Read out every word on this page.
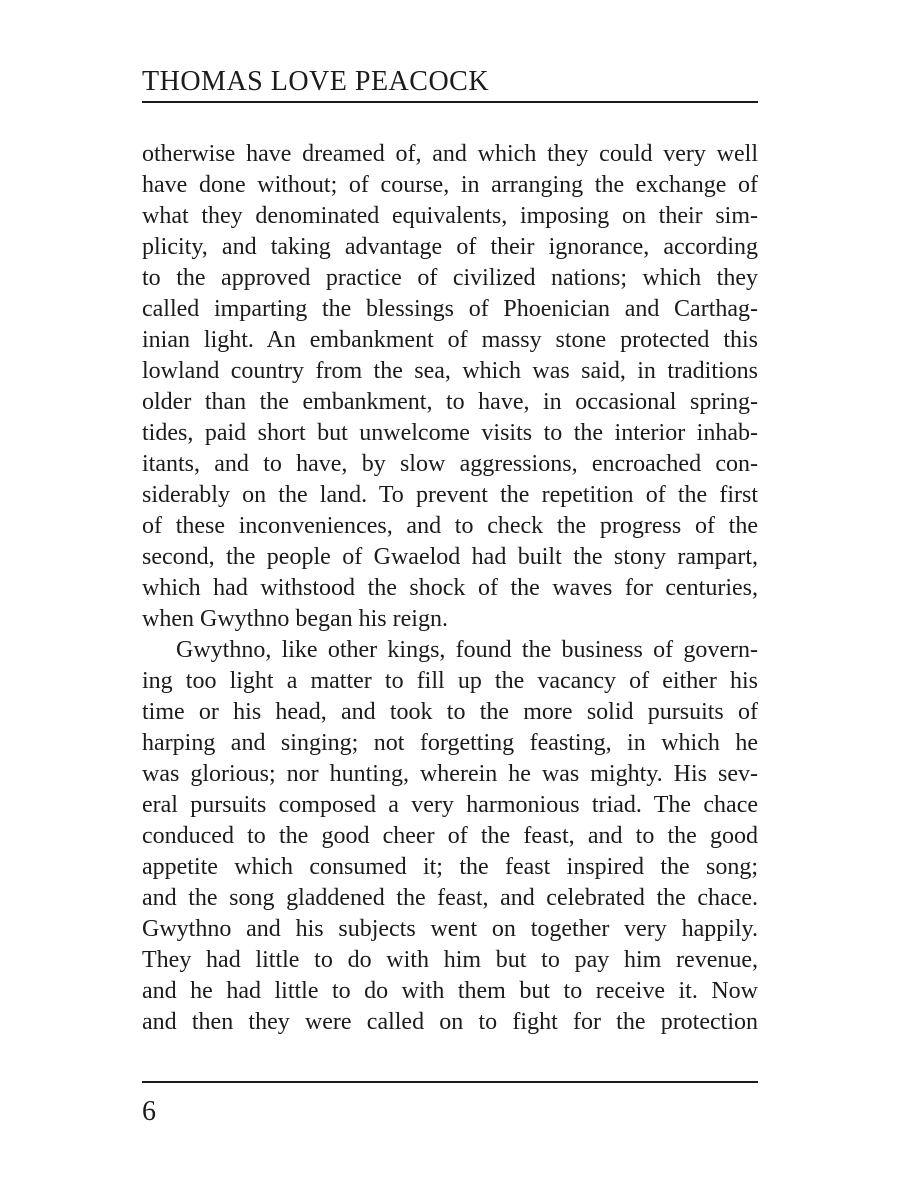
THOMAS LOVE PEACOCK
otherwise have dreamed of, and which they could very well
have done without; of course, in arranging the exchange of
what they denominated equivalents, imposing on their sim-
plicity, and taking advantage of their ignorance, according
to the approved practice of civilized nations; which they
called imparting the blessings of Phoenician and Carthag-
inian light. An embankment of massy stone protected this
lowland country from the sea, which was said, in traditions
older than the embankment, to have, in occasional spring-
tides, paid short but unwelcome visits to the interior inhab-
itants, and to have, by slow aggressions, encroached con-
siderably on the land. To prevent the repetition of the first
of these inconveniences, and to check the progress of the
second, the people of Gwaelod had built the stony rampart,
which had withstood the shock of the waves for centuries,
when Gwythno began his reign.
Gwythno, like other kings, found the business of govern-
ing too light a matter to fill up the vacancy of either his
time or his head, and took to the more solid pursuits of
harping and singing; not forgetting feasting, in which he
was glorious; nor hunting, wherein he was mighty. His sev-
eral pursuits composed a very harmonious triad. The chace
conduced to the good cheer of the feast, and to the good
appetite which consumed it; the feast inspired the song;
and the song gladdened the feast, and celebrated the chace.
Gwythno and his subjects went on together very happily.
They had little to do with him but to pay him revenue,
and he had little to do with them but to receive it. Now
and then they were called on to fight for the protection
6
